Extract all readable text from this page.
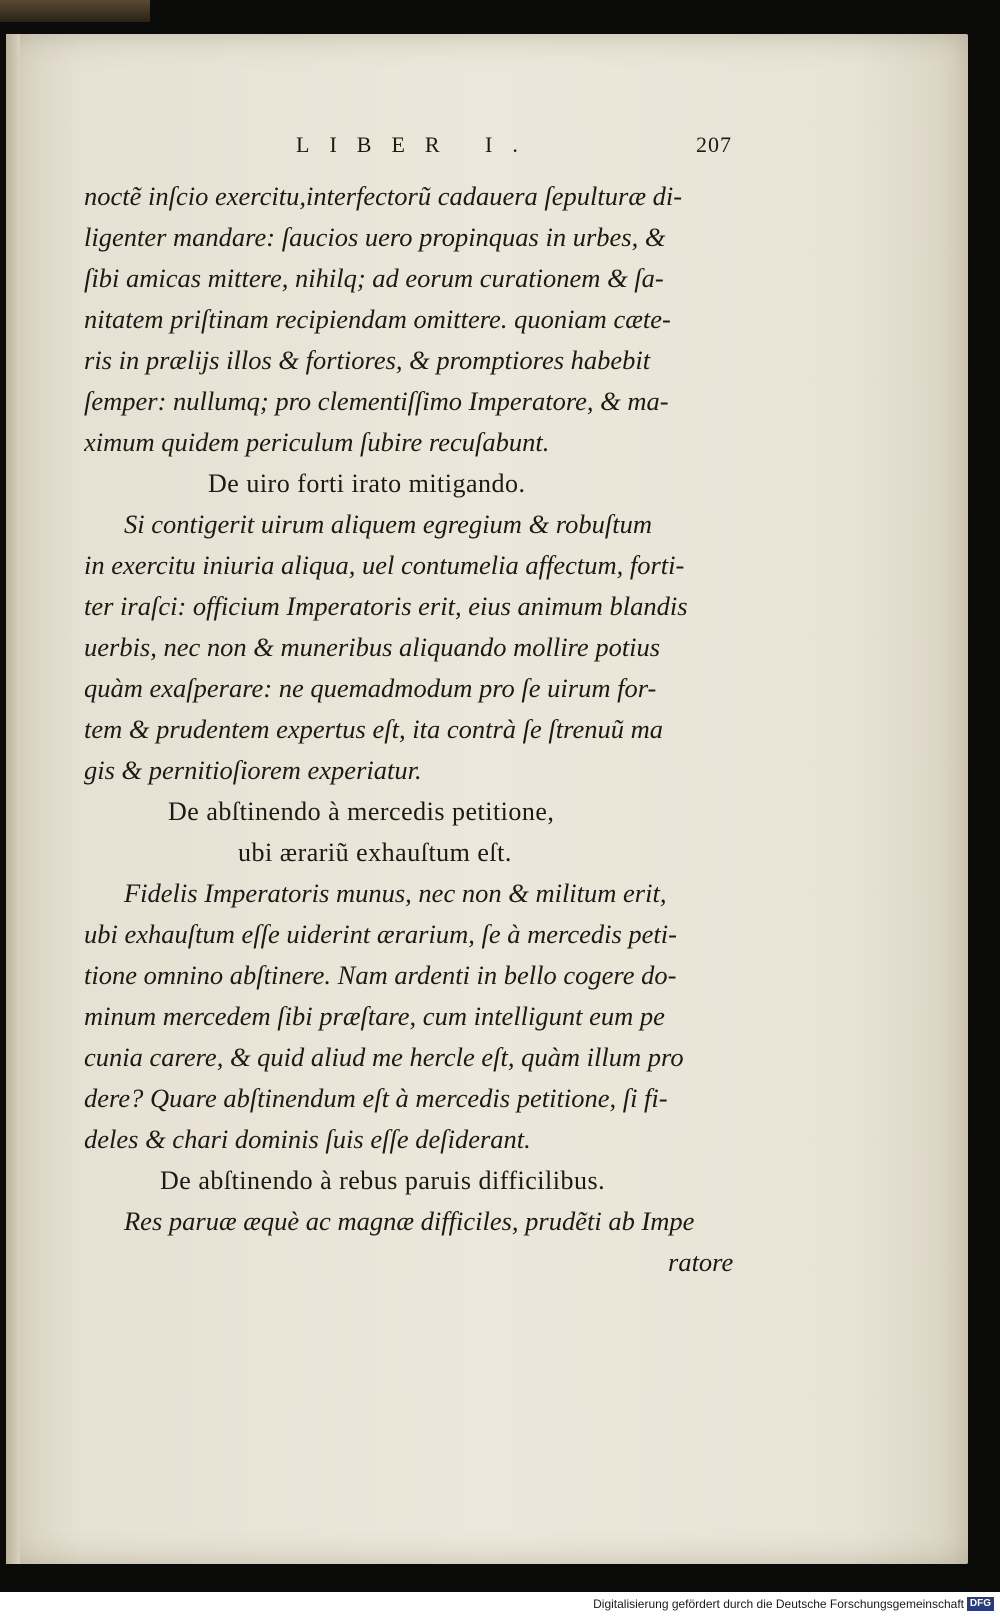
LIBER I.	207
noctẽ inſcio exercitu,interfectorũ cadauera ſepulturæ di-
ligenter mandare: ſaucios uero propinquas in urbes, &
ſibi amicas mittere, nihilq; ad eorum curationem & ſa-
nitatem priſtinam recipiendam omittere. quoniam cæte-
ris in prælijs illos & fortiores, & promptiores habebit
ſemper: nullumq; pro clementiſſimo Imperatore, & ma-
ximum quidem periculum ſubire recuſabunt.
De uiro forti irato mitigando.
Si contigerit uirum aliquem egregium & robuſtum
in exercitu iniuria aliqua, uel contumelia affectum, forti-
ter iraſci: officium Imperatoris erit, eius animum blandis
uerbis, nec non & muneribus aliquando mollire potius
quàm exaſperare: ne quemadmodum pro ſe uirum for-
tem & prudentem expertus eſt, ita contrà ſe ſtrenuũ ma
gis & pernitioſiorem experiatur.
De abſtinendo à mercedis petitione,
ubi ærariũ exhauſtum eſt.
Fidelis Imperatoris munus, nec non & militum erit,
ubi exhauſtum eſſe uiderint ærarium, ſe à mercedis peti-
tione omnino abſtinere. Nam ardenti in bello cogere do-
minum mercedem ſibi præſtare, cum intelligunt eum pe
cunia carere, & quid aliud me hercle eſt, quàm illum pro
dere? Quare abſtinendum eſt à mercedis petitione, ſi fi-
deles & chari dominis ſuis eſſe deſiderant.
De abſtinendo à rebus paruis difficilibus.
Res paruæ æquè ac magnæ difficiles, prudẽti ab Impe
ratore
Digitalisierung gefördert durch die Deutsche Forschungsgemeinschaft DFG
